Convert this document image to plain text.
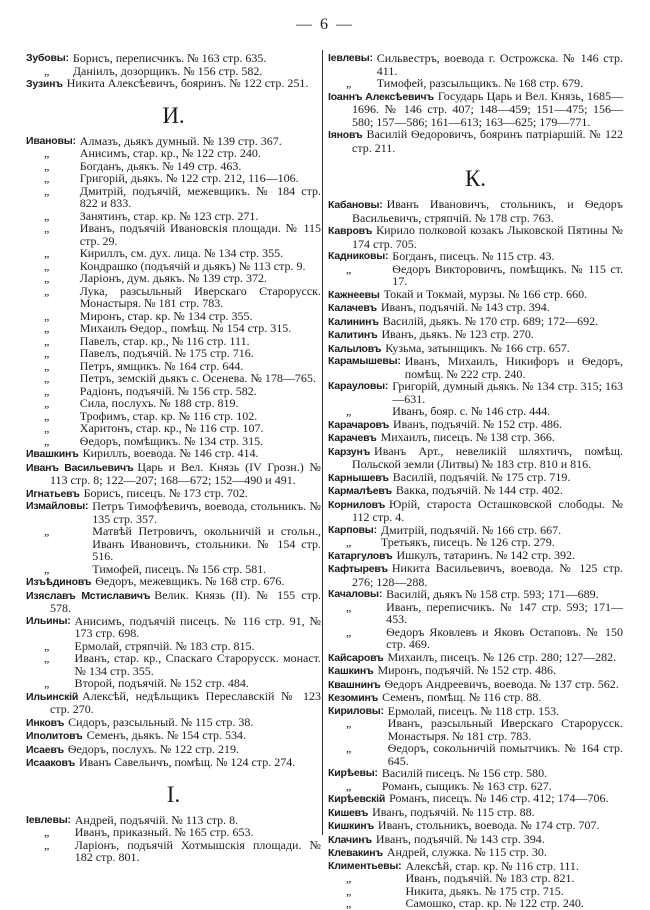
— 6 —
Зубовы: Борисъ, переписчикъ. № 163 стр. 635.
„	Даніилъ, дозорщикъ. № 156 стр. 582.
Зузинъ Никита Алексѣевичъ, бояринъ. № 122 стр. 251.
И.
Ивановы: Алмазъ, дьякъ думный. № 139 стр. 367.
„	Анисимъ, стар. кр., № 122 стр. 240.
„	Богданъ, дьякъ. № 149 стр. 463.
„	Григорій, дьякъ. № 122 стр. 212, 116—106.
„	Дмитрій, подъячій, межевщикъ. № 184 стр. 822 и 833.
„	Занятинъ, стар. кр. № 123 стр. 271.
„	Иванъ, подъячій Ивановскія площади. № 115 стр. 29.
„	Кириллъ, см. дух. лица. № 134 стр. 355.
„	Кондрашко (подъячій и дьякъ) № 113 стр. 9.
„	Ларіонъ, дум. дьякъ. № 139 стр. 372.
„	Лука, разсыльный Иверскаго Старорусск. Монастыря. № 181 стр. 783.
„	Миронъ, стар. кр. № 134 стр. 355.
„	Михаилъ Ѳедор., помѣщ. № 154 стр. 315.
„	Павелъ, стар. кр., № 116 стр. 111.
„	Павелъ, подъячій. № 175 стр. 716.
„	Петръ, ямщикъ. № 164 стр. 644.
„	Петръ, земскій дьякъ с. Осенева. № 178—765.
„	Радіонъ, подъячій. № 156 стр. 582.
„	Сила, послухъ. № 188 стр. 819.
„	Трофимъ, стар. кр. № 116 стр. 102.
„	Харитонъ, стар. кр., № 116 стр. 107.
„	Ѳедоръ, помѣщикъ. № 134 стр. 315.
Ивашкинъ Кириллъ, воевода. № 146 стр. 414.
Иванъ Васильевичъ Царь и Вел. Князь (IV Грозн.) № 113 стр. 8; 122—207; 168—672; 152—490 и 491.
Игнатьевъ Борисъ, писецъ. № 173 стр. 702.
Измайловы: Петръ Тимофѣевичъ, воевода, стольникъ. № 135 стр. 357.
„	Матвѣй Петровичъ, окольничій и стольн., Иванъ Ивановичъ, стольники. № 154 стр. 516.
„	Тимофей, писецъ. № 156 стр. 581.
Изъѣдиновъ Ѳедоръ, межевщикъ. № 168 стр. 676.
Изяславъ Мстиславичъ Велик. Князь (II). № 155 стр. 578.
Ильины: Анисимъ, подъячій писецъ. № 116 стр. 91, № 173 стр. 698.
„	Ермолай, стряпчій. № 183 стр. 815.
„	Иванъ, стар. кр., Спаскаго Старорусск. монаст. № 134 стр. 355.
„	Второй, подъячій. № 152 стр. 484.
Ильинскій Алексѣй, недѣльщикъ Переславскій № 123 стр. 270.
Инковъ Сидоръ, разсыльный. № 115 стр. 38.
Иполитовъ Семенъ, дьякъ. № 154 стр. 534.
Исаевъ Ѳедоръ, послухъ. № 122 стр. 219.
Исааковъ Иванъ Савельичъ, помѣщ. № 124 стр. 274.
І.
Іевлевы: Андрей, подъячій. № 113 стр. 8.
„	Иванъ, приказный. № 165 стр. 653.
„	Ларіонъ, подъячій Хотмышскія площади. № 182 стр. 801.
Іевлевы: Сильвестръ, воевода г. Острожска. № 146 стр. 411.
„	Тимофей, разсыльщикъ. № 168 стр. 679.
Іоаннъ Алексѣевичъ Государь Царь и Вел. Князь, 1685—1696. № 146 стр. 407; 148—459; 151—475; 156—580; 157—586; 161—613; 163—625; 179—771.
Іяновъ Василій Ѳедоровичъ, бояринъ патріаршій. № 122 стр. 211.
К.
Кабановы: Иванъ Ивановичъ, стольникъ, и Ѳедоръ Васильевичъ, стряпчій. № 178 стр. 763.
Кавровъ Кирило полковой козакъ Лыковской Пятины № 174 стр. 705.
Кадниковы: Богданъ, писецъ. № 115 стр. 43.
„	Ѳедоръ Викторовичъ, помѣщикъ. № 115 ст. 17.
Кажнеевы Токай и Токмай, мурзы. № 166 стр. 660.
Калачевъ Иванъ, подъячій. № 143 стр. 394.
Калининъ Василій, дьякъ. № 170 стр. 689; 172—692.
Калитинъ Иванъ, дьякъ. № 123 стр. 270.
Калыловъ Кузьма, затынщикъ. № 166 стр. 657.
Карамышевы: Иванъ, Михаилъ, Никифоръ и Ѳедоръ, помѣщ. № 222 стр. 240.
Карауловы: Григорій, думный дьякъ. № 134 стр. 315; 163—631.
„	Иванъ, бояр. с. № 146 стр. 444.
Карачаровъ Иванъ, подъячій. № 152 стр. 486.
Карачевъ Михаилъ, писецъ. № 138 стр. 366.
Карзунъ Иванъ Арт., невеликій шляхтичъ, помѣщ. Польской земли (Литвы) № 183 стр. 810 и 816.
Карнышевъ Василій, подъячій. № 175 стр. 719.
Кармалѣевъ Вакка, подъячій. № 144 стр. 402.
Корниловъ Юрій, староста Осташковской слободы. № 112 стр. 4.
Карповы: Дмитрій, подъячій. № 166 стр. 667.
„	Третьякъ, писецъ. № 126 стр. 279.
Катаргуловъ Ишкулъ, татаринъ. № 142 стр. 392.
Кафтыревъ Никита Васильевичъ, воевода. № 125 стр. 276; 128—288.
Качаловы: Василій, дьякъ № 158 стр. 593; 171—689.
„	Иванъ, переписчикъ. № 147 стр. 593; 171—453.
„	Ѳедоръ Яковлевъ и Яковъ Остаповъ. № 150 стр. 469.
Кайсаровъ Михаилъ, писецъ. № 126 стр. 280; 127—282.
Кашкинъ Миронъ, подъячій. № 152 стр. 486.
Квашнинъ Ѳедоръ Андреевичъ, воевода. № 137 стр. 562.
Кезоминъ Семенъ, помѣщ. № 116 стр. 88.
Кириловы: Ермолай, писецъ. № 118 стр. 153.
„	Иванъ, разсыльный Иверскаго Старорусск. Монастыря. № 181 стр. 783.
„	Ѳедоръ, сокольничій помытчикъ. № 164 стр. 645.
Кирѣевы: Василій писецъ. № 156 стр. 580.
„	Романъ, сыщикъ. № 163 стр. 627.
Кирѣевскій Романъ, писецъ. № 146 стр. 412; 174—706.
Кишевъ Иванъ, подъячій. № 115 стр. 88.
Кишкинъ Иванъ, стольникъ, воевода. № 174 стр. 707.
Клачинъ Иванъ, подъячій. № 143 стр. 394.
Клевакинъ Андрей, служка. № 115 стр. 30.
Климентьевы: Алексѣй, стар. кр. № 116 стр. 111.
„	Иванъ, подъячій. № 183 стр. 821.
„	Никита, дьякъ. № 175 стр. 715.
„	Самошко, стар. кр. № 122 стр. 240.
